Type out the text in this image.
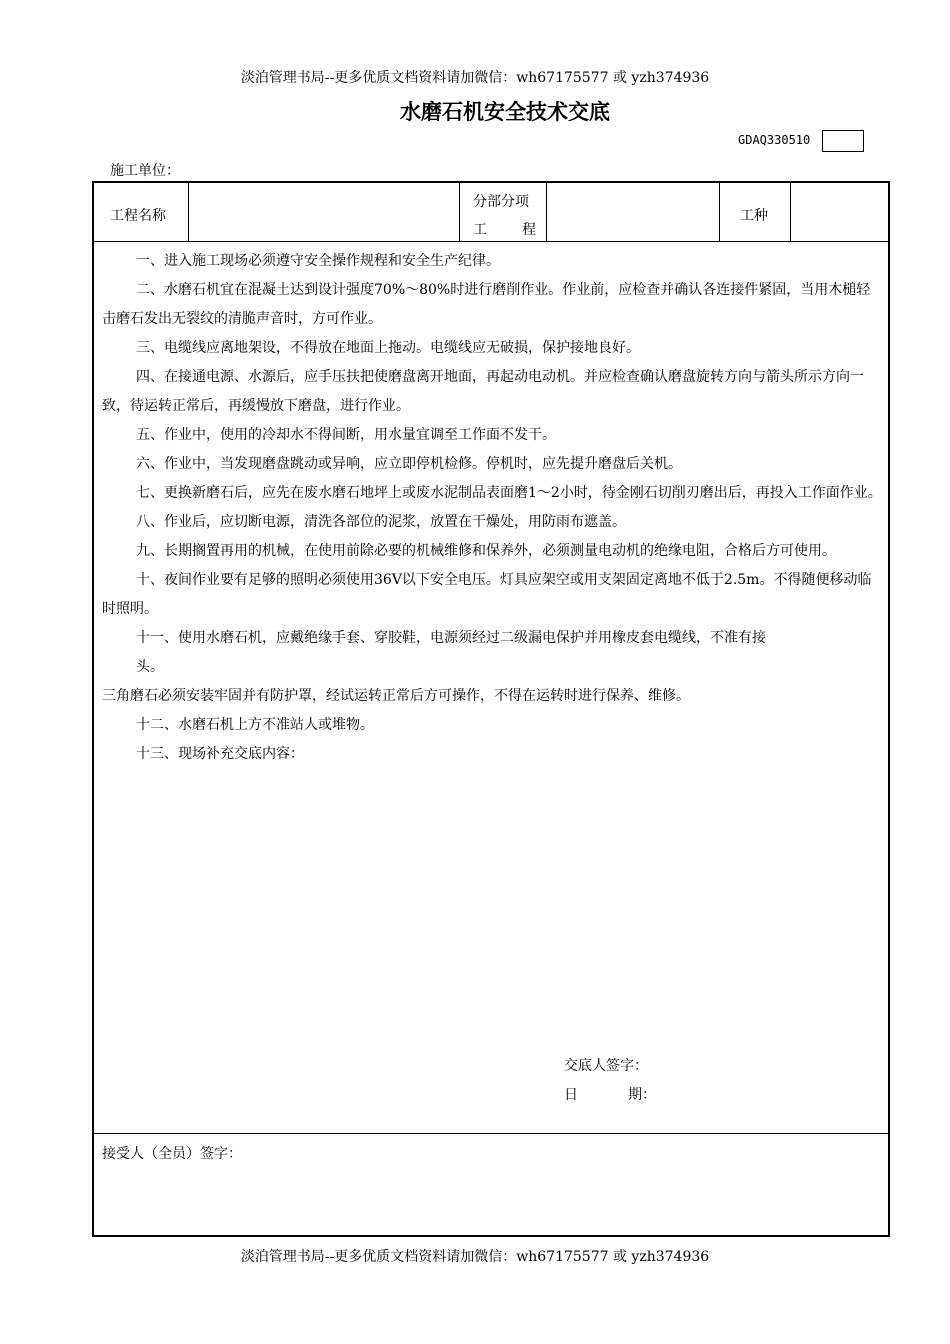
淡泊管理书局--更多优质文档资料请加微信：wh67175577 或 yzh374936
水磨石机安全技术交底
GDAQ330510
施工单位：
工程名称
分部分项
工	程
工种

一、进入施工现场必须遵守安全操作规程和安全生产纪律。

二、水磨石机宜在混凝土达到设计强度70%～80%时进行磨削作业。作业前，应检查并确认各连接件紧固，当用木槌轻击磨石发出无裂纹的清脆声音时，方可作业。

三、电缆线应离地架设，不得放在地面上拖动。电缆线应无破损，保护接地良好。

四、在接通电源、水源后，应手压扶把使磨盘离开地面，再起动电动机。并应检查确认磨盘旋转方向与箭头所示方向一致，待运转正常后，再缓慢放下磨盘，进行作业。

五、作业中，使用的冷却水不得间断，用水量宜调至工作面不发干。

六、作业中，当发现磨盘跳动或异响，应立即停机检修。停机时，应先提升磨盘后关机。

七、更换新磨石后，应先在废水磨石地坪上或废水泥制品表面磨1～2小时，待金刚石切削刃磨出后，再投入工作面作业。

八、作业后，应切断电源，清洗各部位的泥浆，放置在干燥处，用防雨布遮盖。

九、长期搁置再用的机械，在使用前除必要的机械维修和保养外，必须测量电动机的绝缘电阻，合格后方可使用。

十、夜间作业要有足够的照明必须使用36V以下安全电压。灯具应架空或用支架固定离地不低于2.5m。不得随便移动临时照明。

十一、使用水磨石机，应戴绝缘手套、穿胶鞋，电源须经过二级漏电保护并用橡皮套电缆线，不准有接

头。

三角磨石必须安装牢固并有防护罩，经试运转正常后方可操作，不得在运转时进行保养、维修。

十二、水磨石机上方不准站人或堆物。

十三、现场补充交底内容：

交底人签字：
日	期：
接受人（全员）签字：
淡泊管理书局--更多优质文档资料请加微信：wh67175577 或 yzh374936
